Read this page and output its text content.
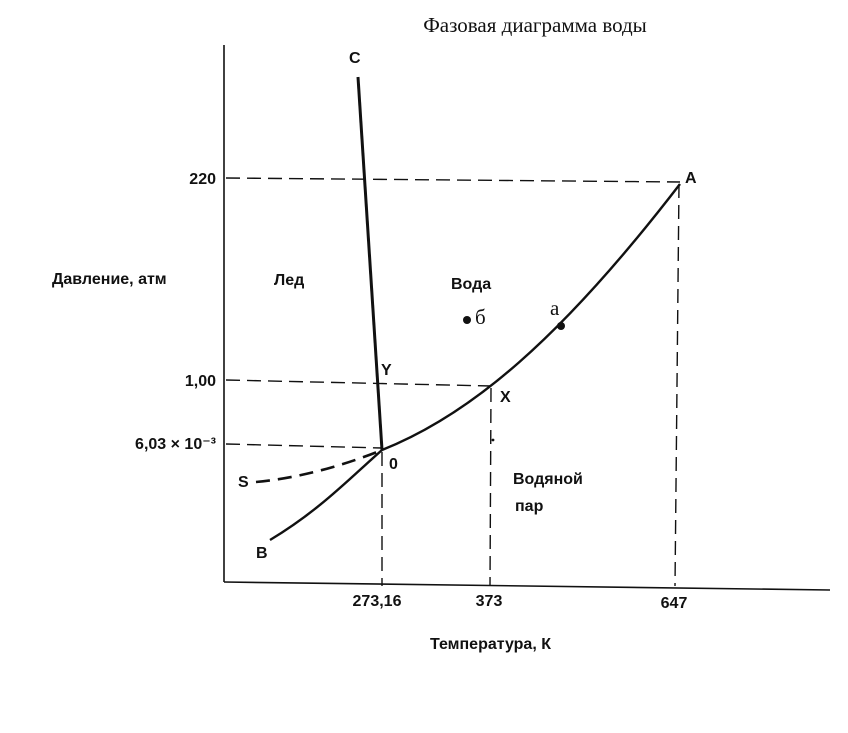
Фазовая диаграмма воды
Давление, атм
Температура, К
220
1,00
6,03 × 10⁻³
273,16	373	647
Лед	Вода
Водяной
пар
A
C
Y
X
0
S
B
а
б
